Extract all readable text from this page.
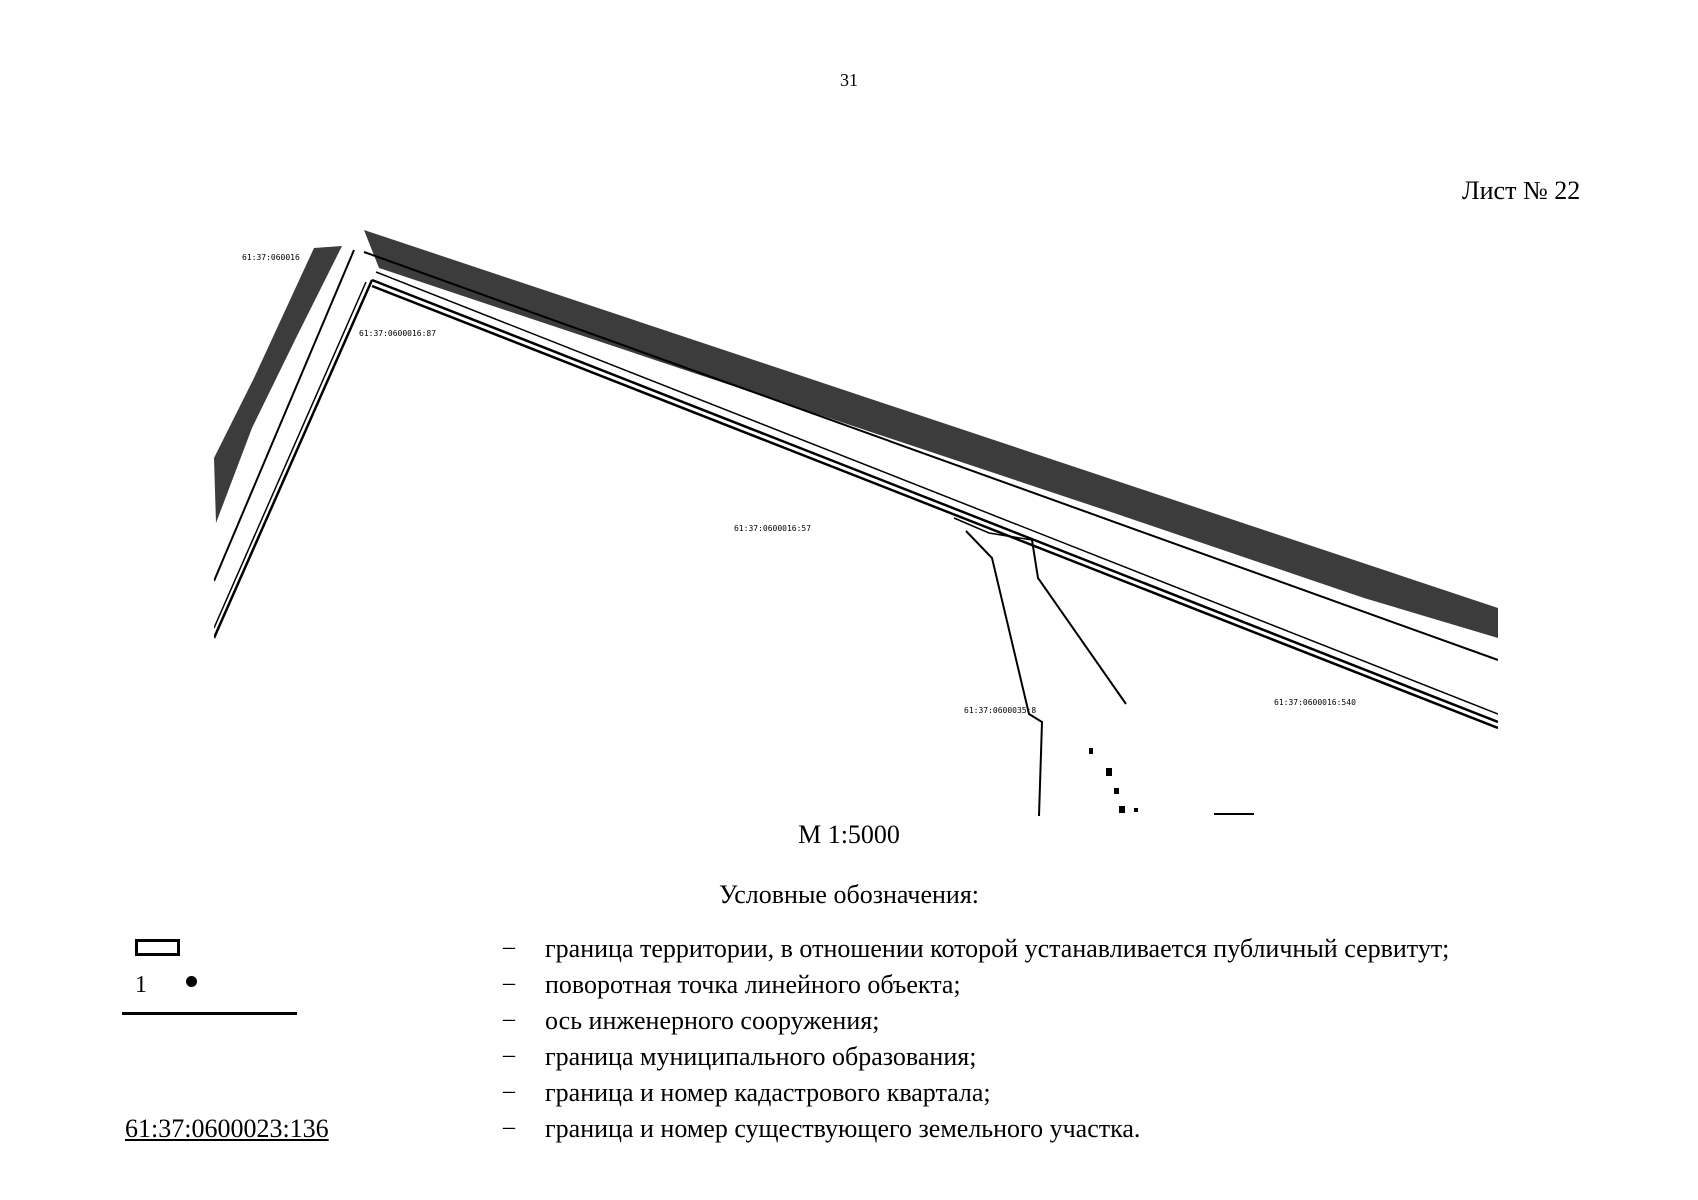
31
Лист № 22
61:37:060016
61:37:0600016:87
61:37:0600016:57
61:37:0600035:8
61:37:0600016:540
М 1:5000
Условные обозначения:
1
61:37:0600023:136
– граница территории, в отношении которой устанавливается публичный сервитут;
– поворотная точка линейного объекта;
– ось инженерного сооружения;
– граница муниципального образования;
– граница и номер кадастрового квартала;
– граница и номер существующего земельного участка.
